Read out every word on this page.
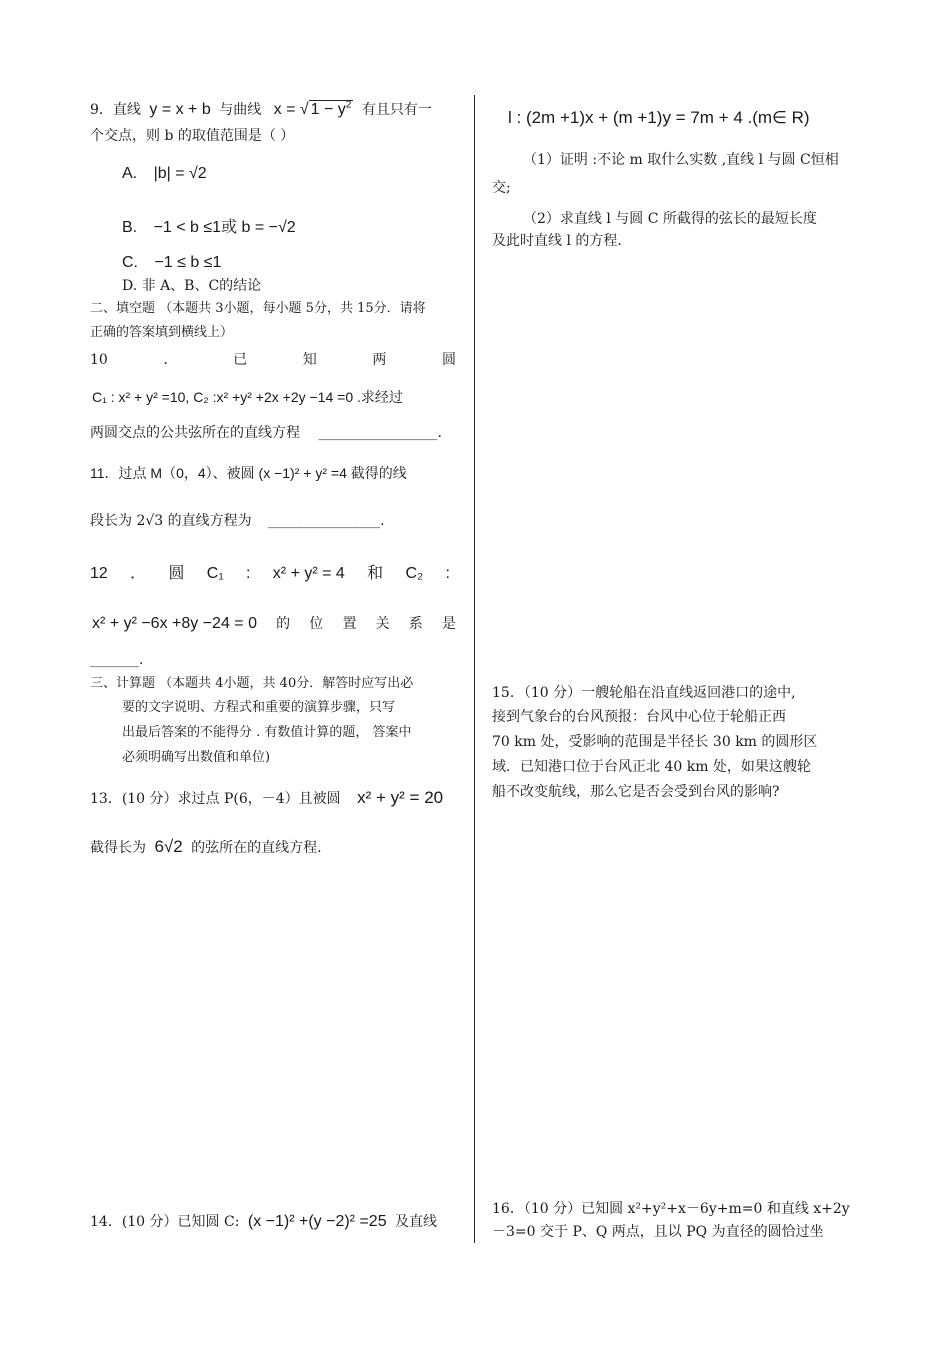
9．直线 y = x + b 与曲线 x = √ $1 - y^2$ 有且只有一
个交点，则 b 的取值范围是（ ）
A. |b| = √2
B. −1 < b ≤1或 b = −√2
C. −1 ≤ b ≤1
D. 非 A、B、C的结论
二、填空题 （本题共 3小题，每小题 5分，共 15分．请将
正确的答案填到横线上）
10	．	已	知	两	圆
C₁ : x² + y² =10, C₂ :x² +y² +2x +2y −14 =0 .求经过
两圆交点的公共弦所在的直线方程 _________________.
11．过点 M（0，4）、被圆 (x −1)² + y² =4 截得的线
段长为 2√3 的直线方程为 ________________.
12 ． 圆 C₁ : x² + y² = 4 和 C₂ :
x² + y² −6x +8y −24 = 0 的 位 置 关 系 是
_______.
三、计算题 （本题共 4小题，共 40分．解答时应写出必
要的文字说明、方程式和重要的演算步骤，只写
出最后答案的不能得分 . 有数值计算的题， 答案中
必须明确写出数值和单位)
13．(10 分）求过点 P(6，－4）且被圆 x² + y² = 20
截得长为 6√2 的弦所在的直线方程.
14．(10 分）已知圆 C: (x −1)² +(y −2)² =25 及直线
l : (2m +1)x + (m +1)y = 7m + 4 .(m∈ R)
（1）证明 :不论 m 取什么实数 ,直线 l 与圆 C恒相
交;
（2）求直线 l 与圆 C 所截得的弦长的最短长度
及此时直线 l 的方程.
15．（10 分）一艘轮船在沿直线返回港口的途中,
接到气象台的台风预报：台风中心位于轮船正西
70 km 处，受影响的范围是半径长 30 km 的圆形区
域．已知港口位于台风正北 40 km 处，如果这艘轮
船不改变航线，那么它是否会受到台风的影响?
16．（10 分）已知圆 x²+y²+x－6y+m=0 和直线 x+2y
－3=0 交于 P、Q 两点，且以 PQ 为直径的圆恰过坐
